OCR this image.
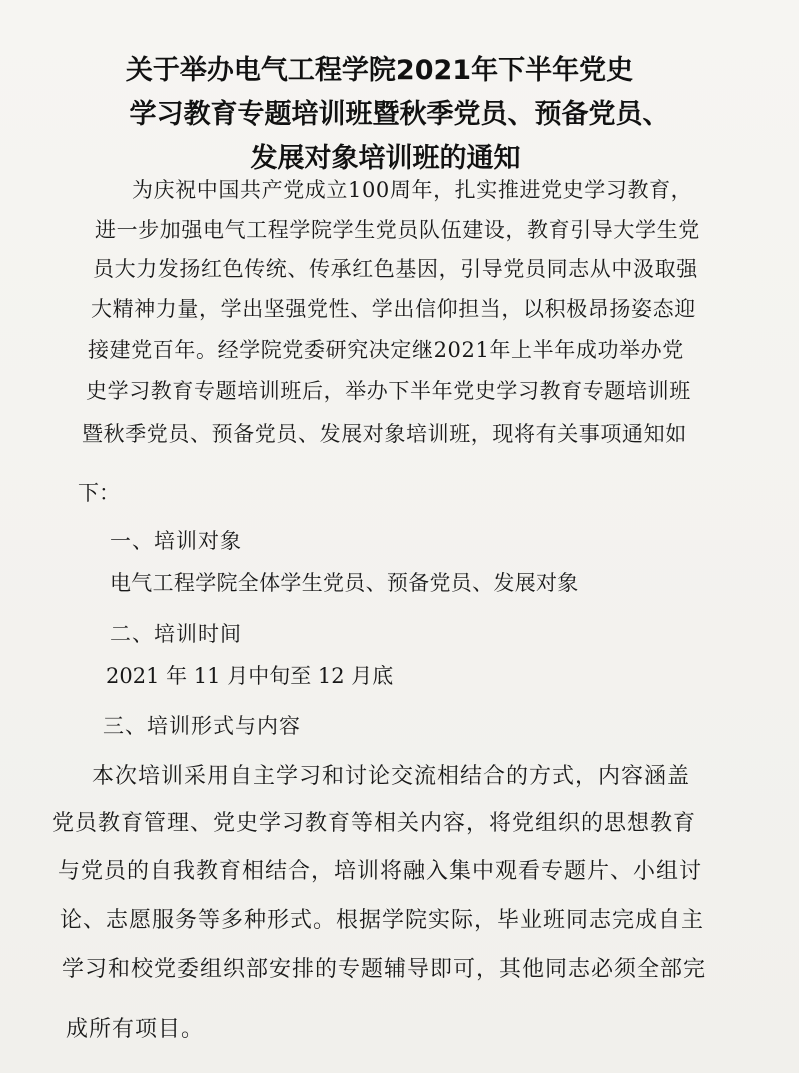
关于举办电气工程学院2021年下半年党史
学习教育专题培训班暨秋季党员、预备党员、
发展对象培训班的通知
为庆祝中国共产党成立100周年，扎实推进党史学习教育，
进一步加强电气工程学院学生党员队伍建设，教育引导大学生党
员大力发扬红色传统、传承红色基因，引导党员同志从中汲取强
大精神力量，学出坚强党性、学出信仰担当，以积极昂扬姿态迎
接建党百年。经学院党委研究决定继2021年上半年成功举办党
史学习教育专题培训班后，举办下半年党史学习教育专题培训班
暨秋季党员、预备党员、发展对象培训班，现将有关事项通知如
下：
一、培训对象
电气工程学院全体学生党员、预备党员、发展对象
二、培训时间
2021 年 11 月中旬至 12 月底
三、培训形式与内容
本次培训采用自主学习和讨论交流相结合的方式，内容涵盖
党员教育管理、党史学习教育等相关内容，将党组织的思想教育
与党员的自我教育相结合，培训将融入集中观看专题片、小组讨
论、志愿服务等多种形式。根据学院实际，毕业班同志完成自主
学习和校党委组织部安排的专题辅导即可，其他同志必须全部完
成所有项目。
